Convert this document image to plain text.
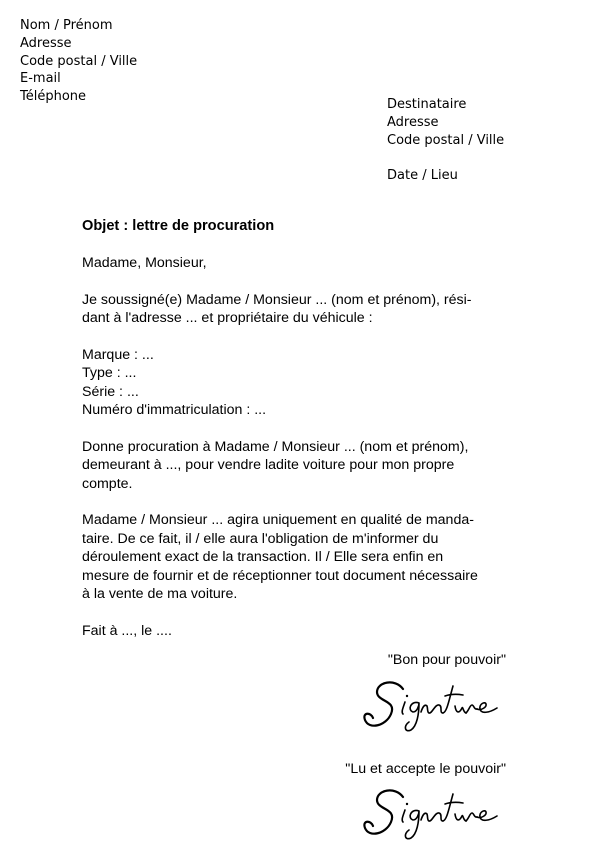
Nom / Prénom
Adresse
Code postal / Ville
E-mail
Téléphone
Destinataire
Adresse
Code postal / Ville
Date / Lieu

Objet : lettre de procuration

Madame, Monsieur,

Je soussigné(e) Madame / Monsieur ... (nom et prénom), rési-

dant à l'adresse ... et propriétaire du véhicule :

Marque : ...

Type : ...

Série : ...

Numéro d'immatriculation : ...

Donne procuration à Madame / Monsieur ... (nom et prénom),

demeurant à ..., pour vendre ladite voiture pour mon propre

compte.

Madame / Monsieur ... agira uniquement en qualité de manda-

taire. De ce fait, il / elle aura l'obligation de m'informer du

déroulement exact de la transaction. Il / Elle sera enfin en

mesure de fournir et de réceptionner tout document nécessaire

à la vente de ma voiture.

Fait à ..., le ....

"Bon pour pouvoir"
"Lu et accepte le pouvoir"
